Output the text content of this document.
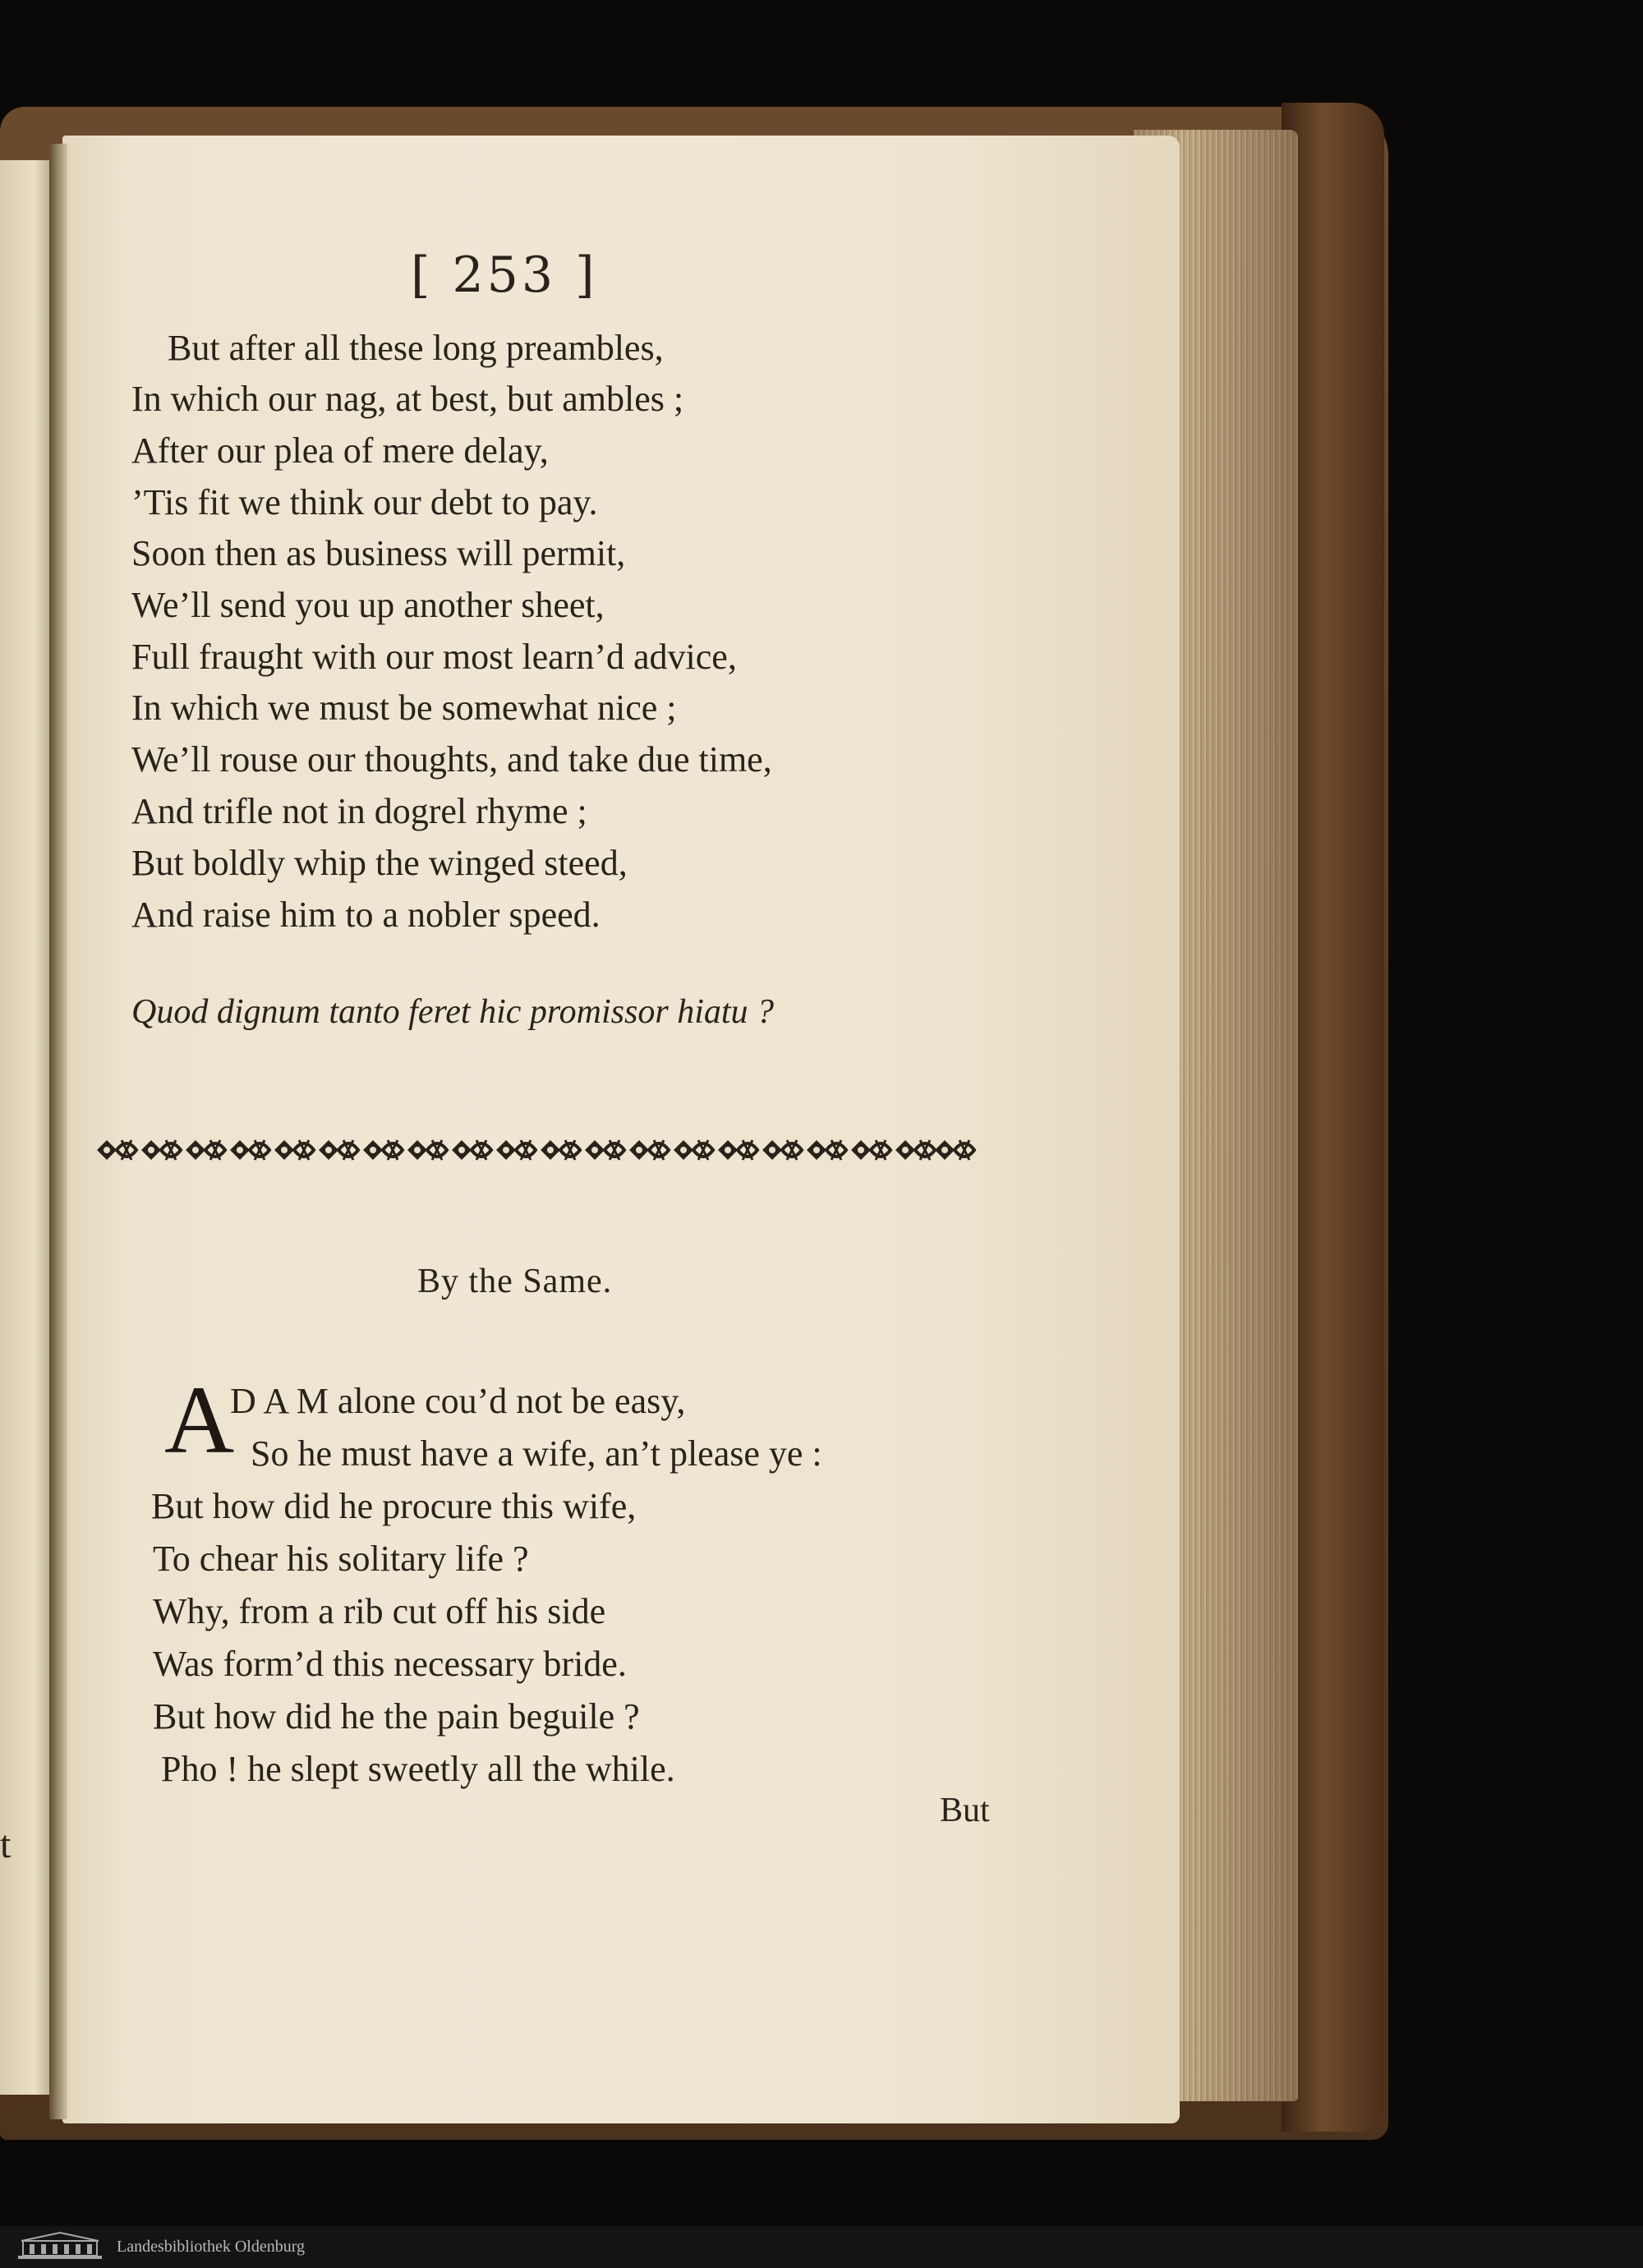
t
[ 253 ]
But after all these long preambles,
In which our nag, at best, but ambles ;
After our plea of mere delay,
’Tis fit we think our debt to pay.
Soon then as business will permit,
We’ll send you up another sheet,
Full fraught with our most learn’d advice,
In which we must be somewhat nice ;
We’ll rouse our thoughts, and take due time,
And trifle not in dogrel rhyme ;
But boldly whip the winged steed,
And raise him to a nobler speed.
Quod dignum tanto feret hic promissor hiatu ?
By the Same.
A
D A M alone cou’d not be easy,
So he must have a wife, an’t please ye :
But how did he procure this wife,
To chear his solitary life ?
Why, from a rib cut off his side
Was form’d this necessary bride.
But how did he the pain beguile ?
Pho ! he slept sweetly all the while.
But
Landesbibliothek Oldenburg
